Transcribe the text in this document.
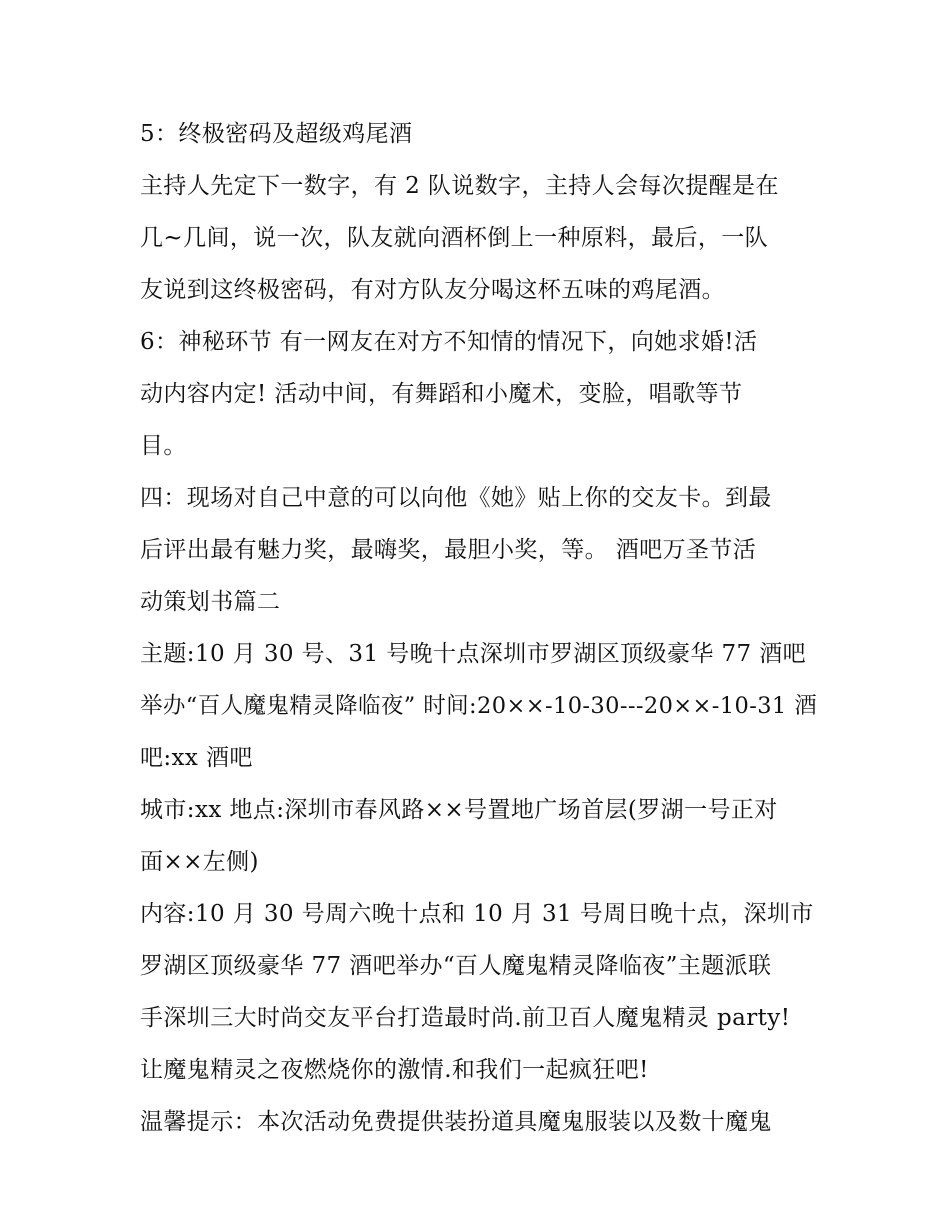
5：终极密码及超级鸡尾酒
主持人先定下一数字，有 2 队说数字，主持人会每次提醒是在
几~几间，说一次，队友就向酒杯倒上一种原料，最后，一队
友说到这终极密码，有对方队友分喝这杯五味的鸡尾酒。
6：神秘环节 有一网友在对方不知情的情况下，向她求婚!活
动内容内定! 活动中间，有舞蹈和小魔术，变脸，唱歌等节
目。
四：现场对自己中意的可以向他《她》贴上你的交友卡。到最
后评出最有魅力奖，最嗨奖，最胆小奖，等。 酒吧万圣节活
动策划书篇二
主题:10 月 30 号、31 号晚十点深圳市罗湖区顶级豪华 77 酒吧
举办“百人魔鬼精灵降临夜” 时间:20××-10-30---20××-10-31 酒
吧:xx 酒吧
城市:xx 地点:深圳市春风路××号置地广场首层(罗湖一号正对
面××左侧)
内容:10 月 30 号周六晚十点和 10 月 31 号周日晚十点，深圳市
罗湖区顶级豪华 77 酒吧举办“百人魔鬼精灵降临夜”主题派联
手深圳三大时尚交友平台打造最时尚.前卫百人魔鬼精灵 party!
让魔鬼精灵之夜燃烧你的激情.和我们一起疯狂吧!
温馨提示：本次活动免费提供装扮道具魔鬼服装以及数十魔鬼
